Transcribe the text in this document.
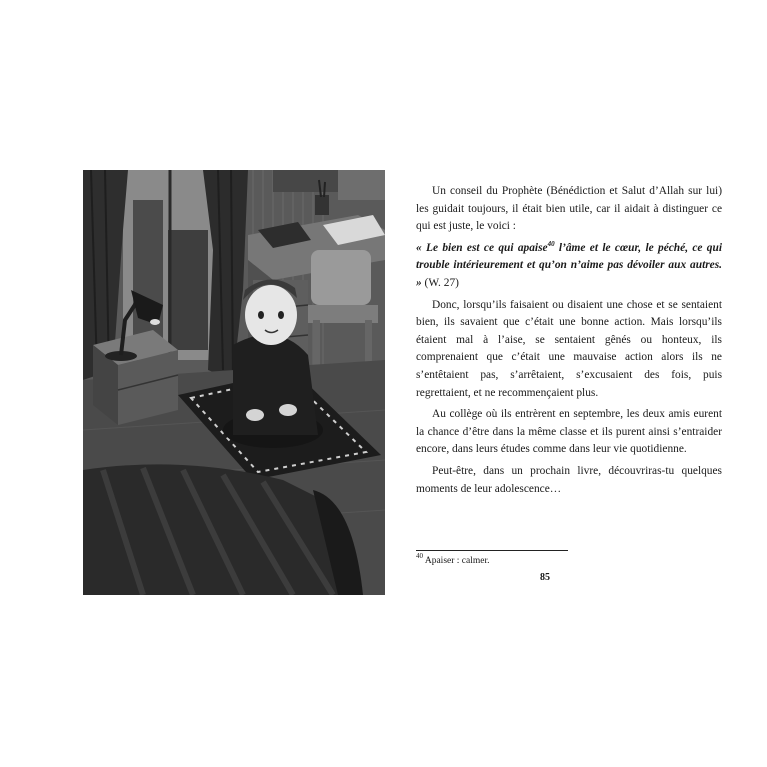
Un conseil du Prophète (Bénédiction et Salut d’Allah sur lui) les guidait toujours, il était bien utile, car il aidait à distinguer ce qui est juste, le voici :

« Le bien est ce qui apaise$^{40}$ l’âme et le cœur, le péché, ce qui trouble intérieurement et qu’on n’aime pas dévoiler aux autres. » (W. 27)

Donc, lorsqu’ils faisaient ou disaient une chose et se sentaient bien, ils savaient que c’était une bonne action. Mais lorsqu’ils étaient mal à l’aise, se sentaient gênés ou honteux, ils comprenaient que c’était une mauvaise action alors ils ne s’entêtaient pas, s’arrêtaient, s’excusaient des fois, puis regrettaient, et ne recommençaient plus.

Au collège où ils entrèrent en septembre, les deux amis eurent la chance d’être dans la même classe et ils purent ainsi s’entraider encore, dans leurs études comme dans leur vie quotidienne.

Peut-être, dans un prochain livre, découvriras-tu quelques moments de leur adolescence…

$^{40}$ Apaiser : calmer.
85
